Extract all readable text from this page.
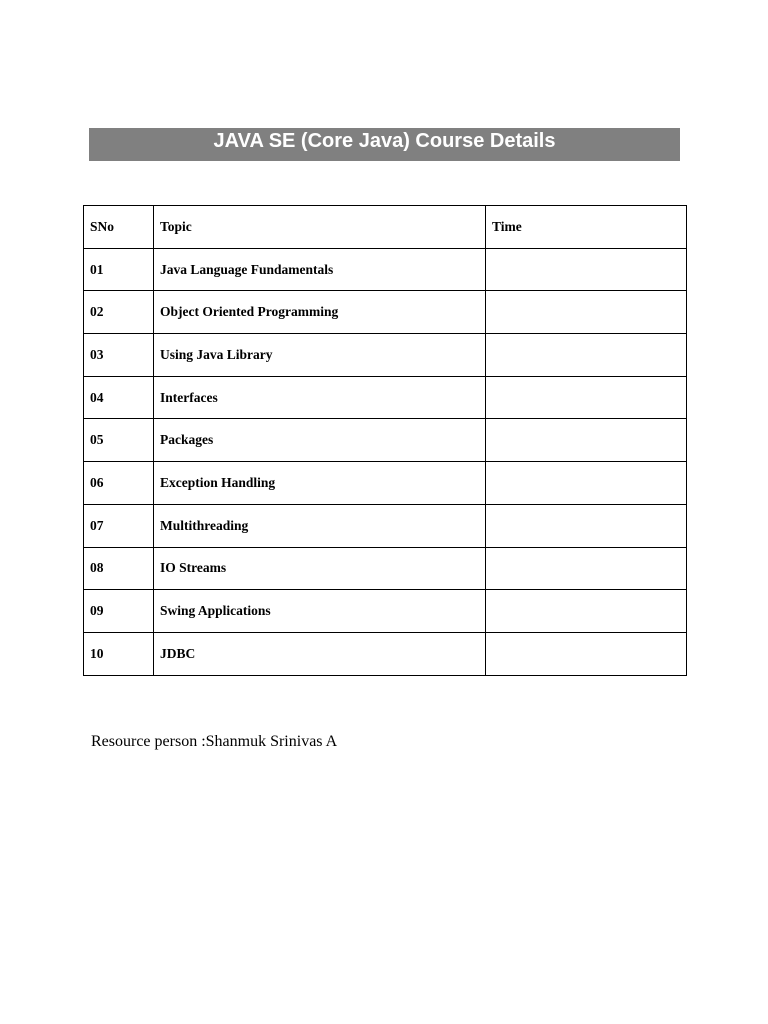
JAVA SE (Core Java) Course Details
SNo	Topic	Time
01	Java Language Fundamentals	
02	Object Oriented Programming	
03	Using Java Library	
04	Interfaces	
05	Packages	
06	Exception Handling	
07	Multithreading	
08	IO Streams	
09	Swing Applications	
10	JDBC	
Resource person :Shanmuk Srinivas A
